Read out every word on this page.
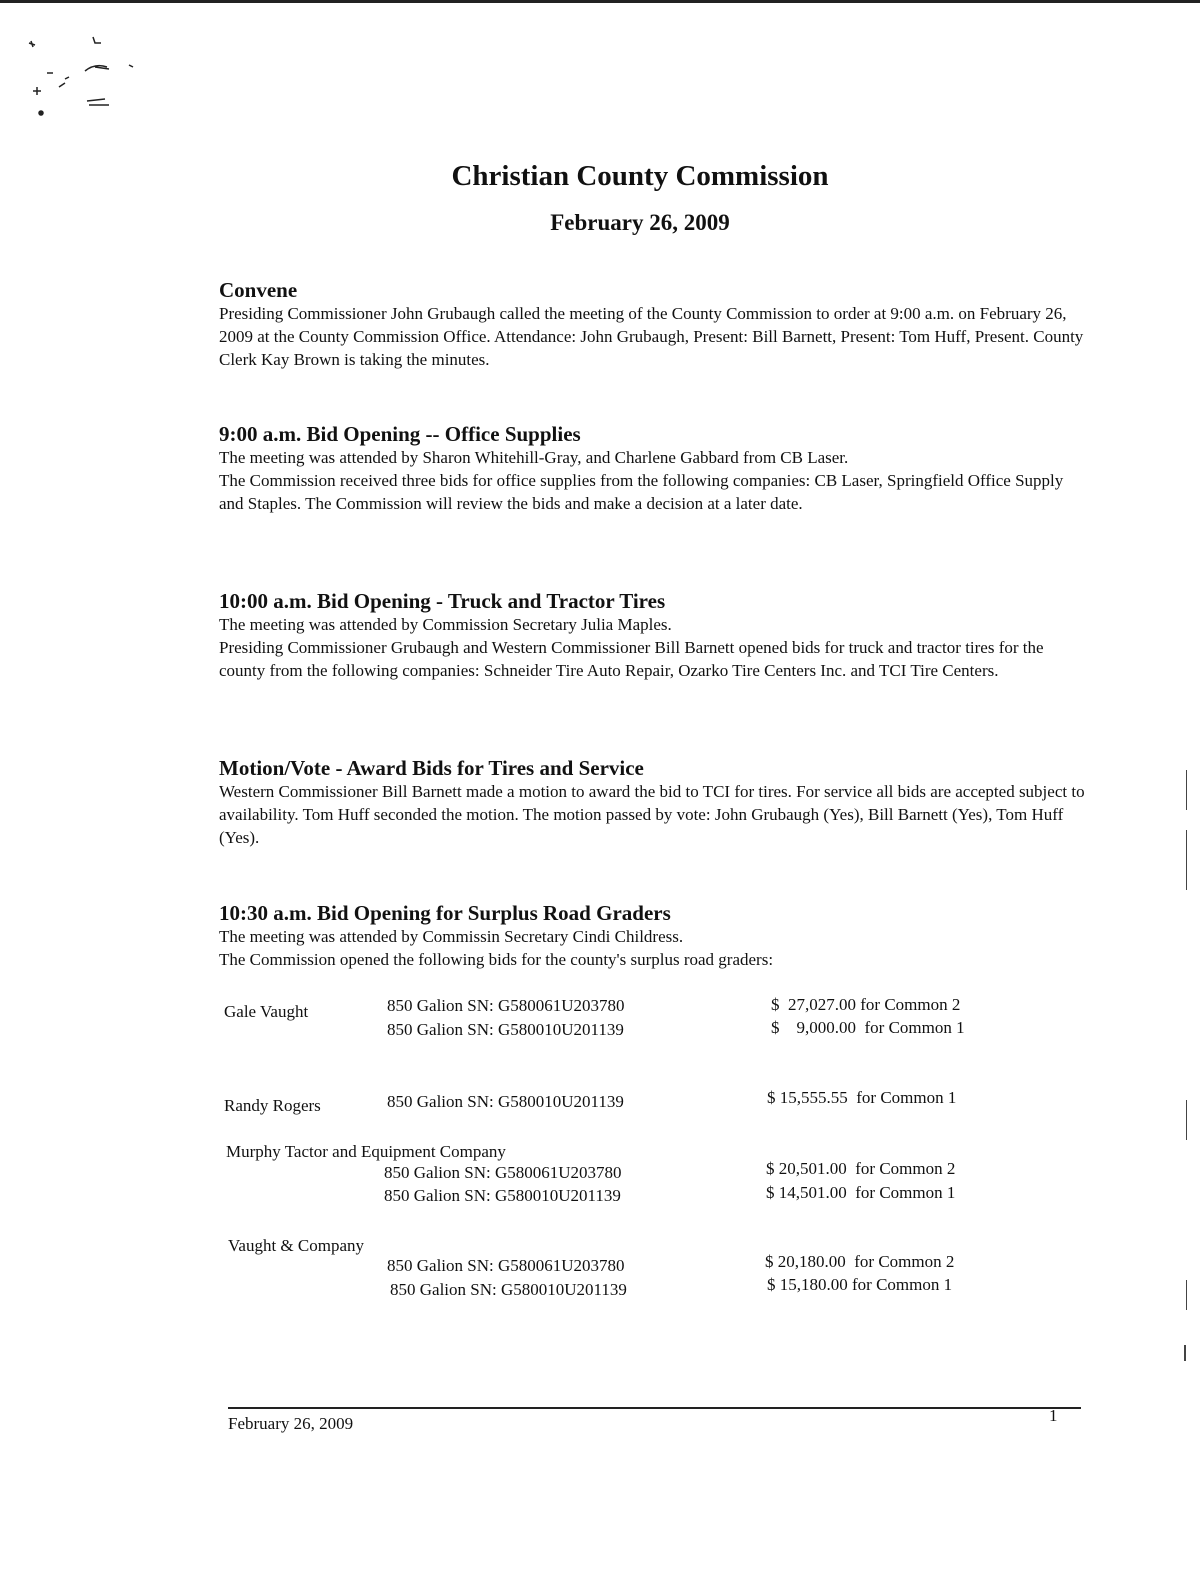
Christian County Commission
February 26, 2009
Convene

Presiding Commissioner John Grubaugh called the meeting of the County Commission to order at 9:00 a.m. on February 26, 2009 at the County Commission Office. Attendance: John Grubaugh, Present: Bill Barnett, Present: Tom Huff, Present. County Clerk Kay Brown is taking the minutes.

9:00 a.m. Bid Opening -- Office Supplies

The meeting was attended by Sharon Whitehill-Gray, and Charlene Gabbard from CB Laser.

The Commission received three bids for office supplies from the following companies: CB Laser, Springfield Office Supply and Staples. The Commission will review the bids and make a decision at a later date.

10:00 a.m. Bid Opening - Truck and Tractor Tires

The meeting was attended by Commission Secretary Julia Maples.

Presiding Commissioner Grubaugh and Western Commissioner Bill Barnett opened bids for truck and tractor tires for the county from the following companies: Schneider Tire Auto Repair, Ozarko Tire Centers Inc. and TCI Tire Centers.

Motion/Vote - Award Bids for Tires and Service

Western Commissioner Bill Barnett made a motion to award the bid to TCI for tires. For service all bids are accepted subject to availability. Tom Huff seconded the motion. The motion passed by vote: John Grubaugh (Yes), Bill Barnett (Yes), Tom Huff (Yes).

10:30 a.m. Bid Opening for Surplus Road Graders

The meeting was attended by Commissin Secretary Cindi Childress.

The Commission opened the following bids for the county's surplus road graders:

Gale Vaught	850 Galion SN: G580061U203780	$  27,027.00 for Common 2
850 Galion SN: G580010U201139	$    9,000.00  for Common 1
Randy Rogers	850 Galion SN: G580010U201139	$ 15,555.55  for Common 1
Murphy Tactor and Equipment Company
850 Galion SN: G580061U203780	$ 20,501.00  for Common 2
850 Galion SN: G580010U201139	$ 14,501.00  for Common 1
Vaught & Company
850 Galion SN: G580061U203780	$ 20,180.00  for Common 2
850 Galion SN: G580010U201139	$ 15,180.00 for Common 1
February 26, 2009	1
